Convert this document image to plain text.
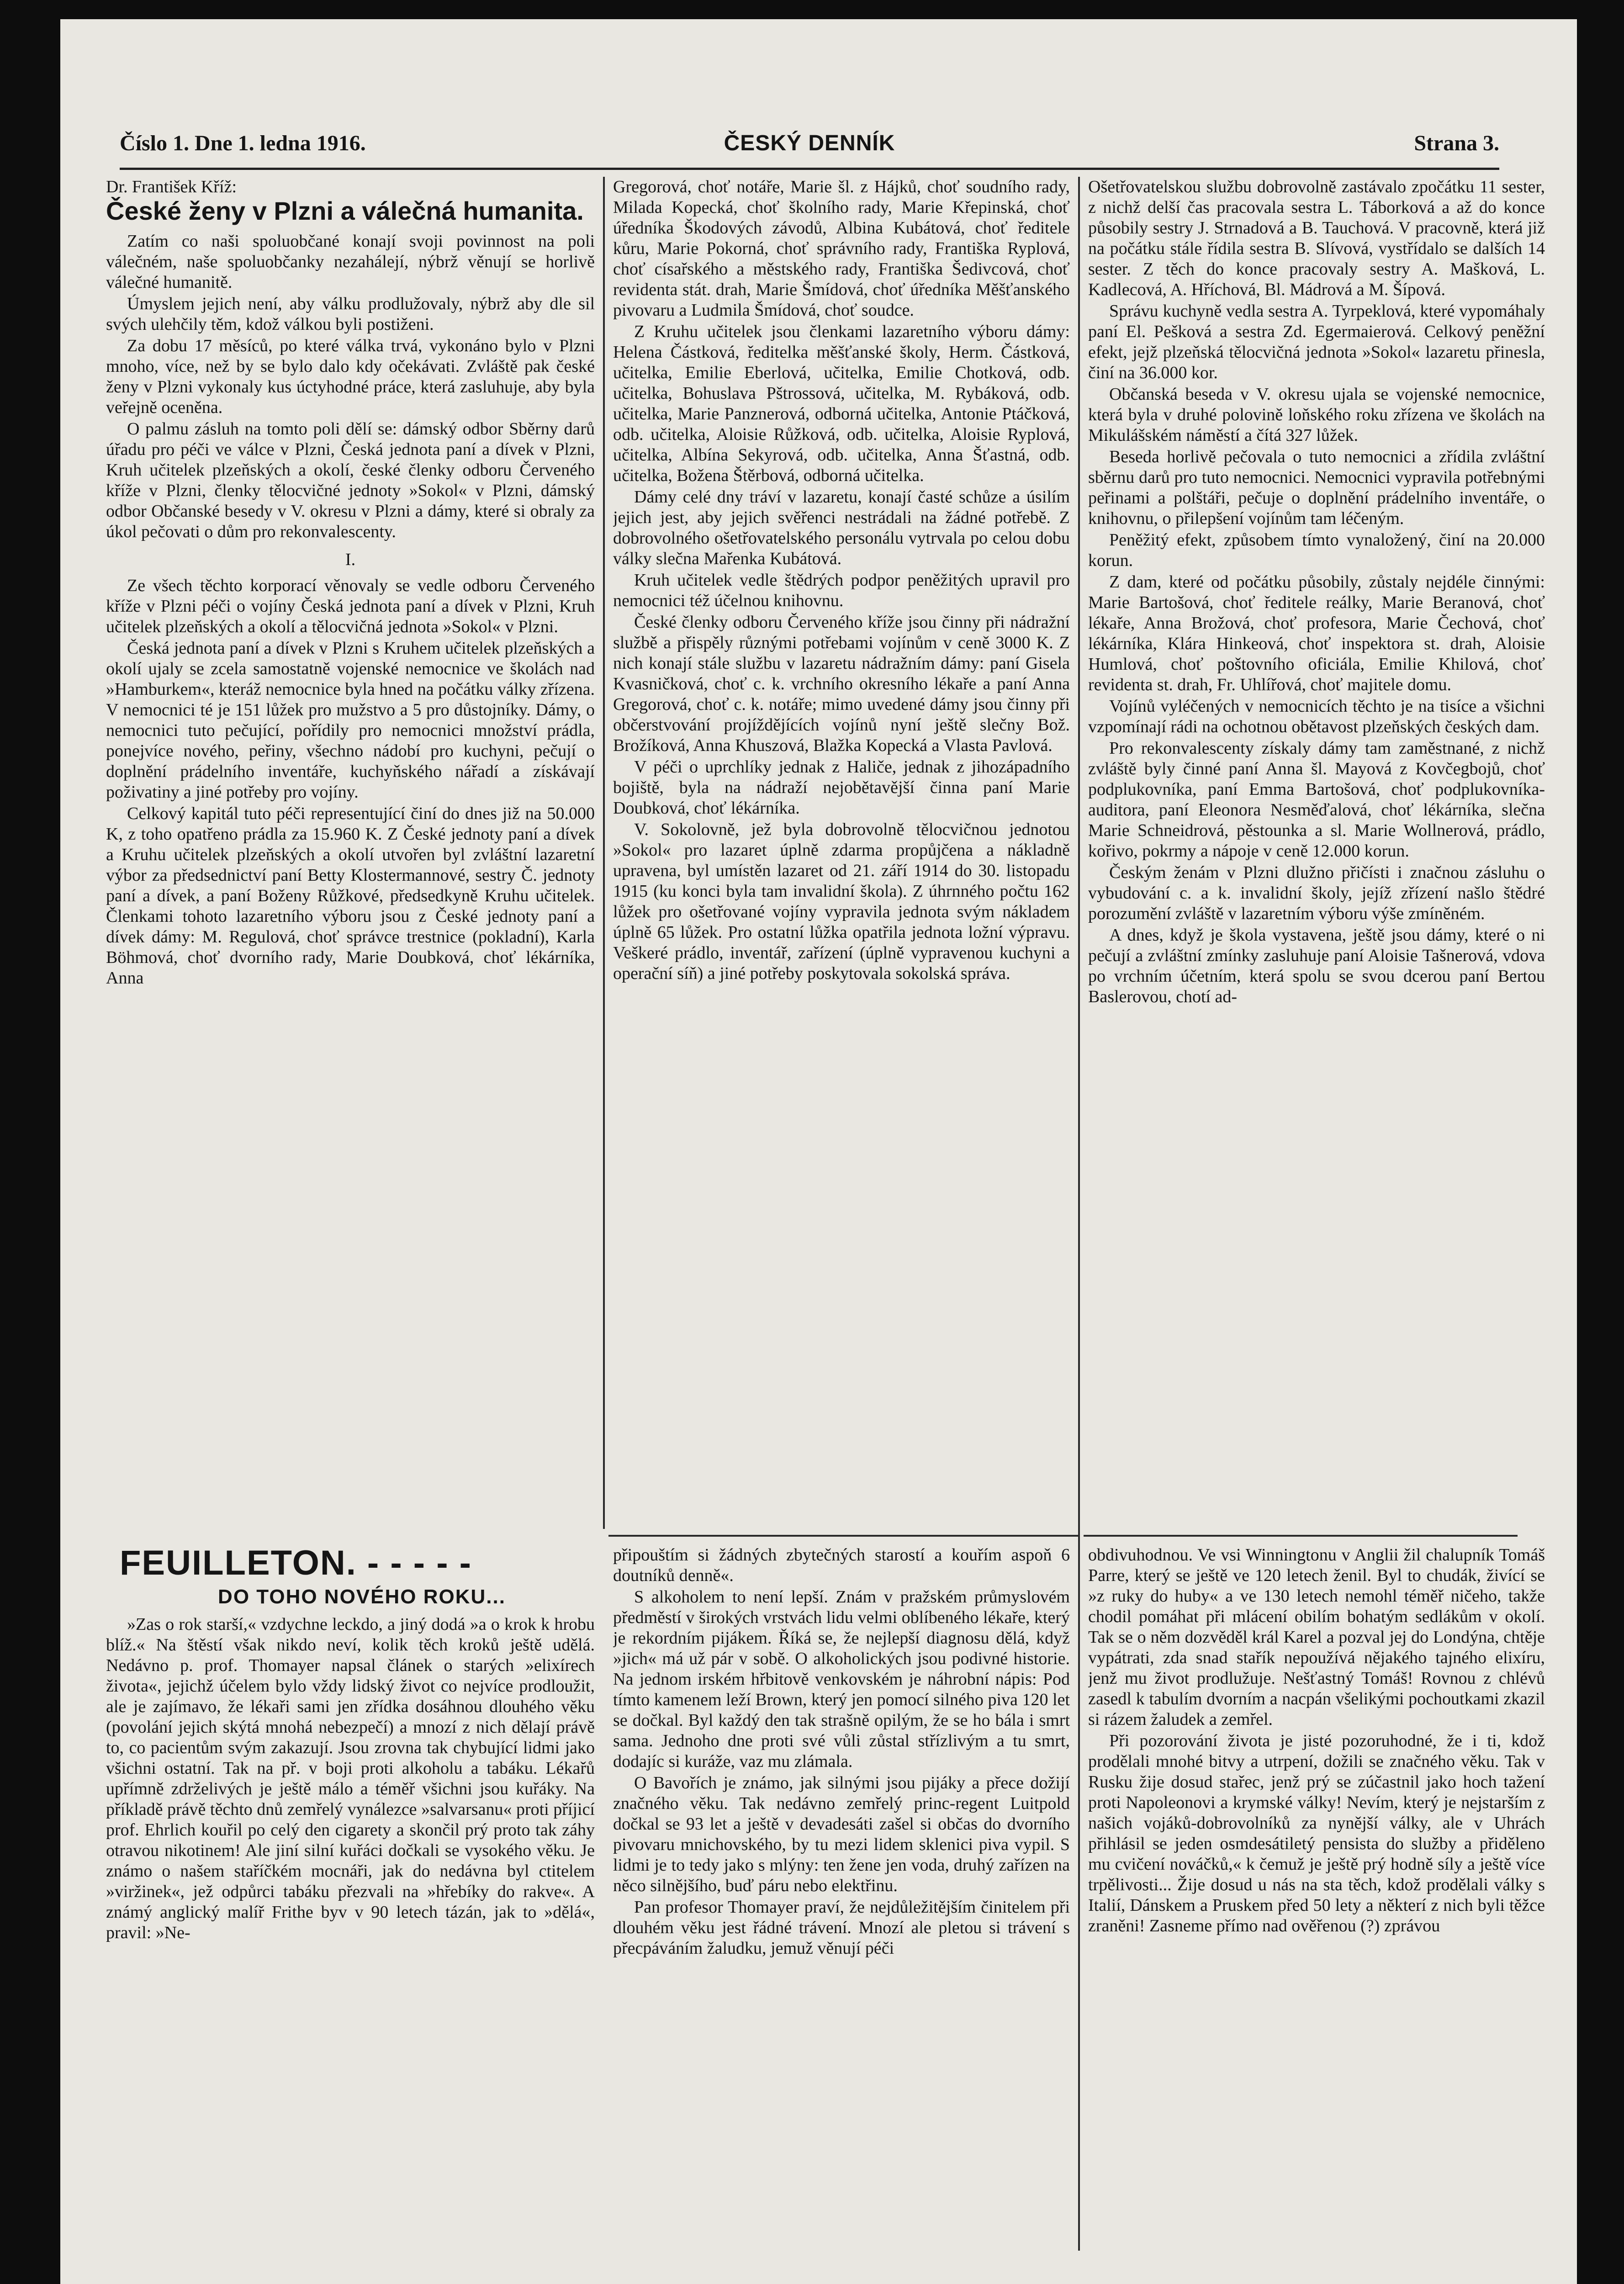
Číslo 1. Dne 1. ledna 1916.	ČESKÝ DENNÍK	Strana 3.

Dr. František Kříž:

České ženy v Plzni a válečná humanita.

Zatím co naši spoluobčané konají svoji povinnost na poli válečném, naše spoluobčanky nezahálejí, nýbrž věnují se horlivě válečné humanitě.

Úmyslem jejich není, aby válku prodlužovaly, nýbrž aby dle sil svých ulehčily těm, kdož válkou byli postiženi.

Za dobu 17 měsíců, po které válka trvá, vykonáno bylo v Plzni mnoho, více, než by se bylo dalo kdy očekávati. Zvláště pak české ženy v Plzni vykonaly kus úctyhodné práce, která zasluhuje, aby byla veřejně oceněna.

O palmu zásluh na tomto poli dělí se: dámský odbor Sběrny darů úřadu pro péči ve válce v Plzni, Česká jednota paní a dívek v Plzni, Kruh učitelek plzeňských a okolí, české členky odboru Červeného kříže v Plzni, členky tělocvičné jednoty »Sokol« v Plzni, dámský odbor Občanské besedy v V. okresu v Plzni a dámy, které si obraly za úkol pečovati o dům pro rekonvalescenty.

I.

Ze všech těchto korporací věnovaly se vedle odboru Červeného kříže v Plzni péči o vojíny Česká jednota paní a dívek v Plzni, Kruh učitelek plzeňských a okolí a tělocvičná jednota »Sokol« v Plzni.

Česká jednota paní a dívek v Plzni s Kruhem učitelek plzeňských a okolí ujaly se zcela samostatně vojenské nemocnice ve školách nad »Hamburkem«, kteráž nemocnice byla hned na počátku války zřízena. V nemocnici té je 151 lůžek pro mužstvo a 5 pro důstojníky. Dámy, o nemocnici tuto pečující, pořídily pro nemocnici množství prádla, ponejvíce nového, peřiny, všechno nádobí pro kuchyni, pečují o doplnění prádelního inventáře, kuchyňského nářadí a získávají poživatiny a jiné potřeby pro vojíny.

Celkový kapitál tuto péči representující činí do dnes již na 50.000 K, z toho opatřeno prádla za 15.960 K. Z České jednoty paní a dívek a Kruhu učitelek plzeňských a okolí utvořen byl zvláštní lazaretní výbor za předsednictví paní Betty Klostermannové, sestry Č. jednoty paní a dívek, a paní Boženy Růžkové, předsedkyně Kruhu učitelek. Členkami tohoto lazaretního výboru jsou z České jednoty paní a dívek dámy: M. Regulová, choť správce trestnice (pokladní), Karla Böhmová, choť dvorního rady, Marie Doubková, choť lékárníka, Anna

Gregorová, choť notáře, Marie šl. z Hájků, choť soudního rady, Milada Kopecká, choť školního rady, Marie Křepinská, choť úředníka Škodových závodů, Albina Kubátová, choť ředitele kůru, Marie Pokorná, choť správního rady, Františka Ryplová, choť císařského a městského rady, Františka Šedivcová, choť revidenta stát. drah, Marie Šmídová, choť úředníka Měšťanského pivovaru a Ludmila Šmídová, choť soudce.

Z Kruhu učitelek jsou členkami lazaretního výboru dámy: Helena Částková, ředitelka měšťanské školy, Herm. Částková, učitelka, Emilie Eberlová, učitelka, Emilie Chotková, odb. učitelka, Bohuslava Pštrossová, učitelka, M. Rybáková, odb. učitelka, Marie Panznerová, odborná učitelka, Antonie Ptáčková, odb. učitelka, Aloisie Růžková, odb. učitelka, Aloisie Ryplová, učitelka, Albína Sekyrová, odb. učitelka, Anna Šťastná, odb. učitelka, Božena Štěrbová, odborná učitelka.

Dámy celé dny tráví v lazaretu, konají časté schůze a úsilím jejich jest, aby jejich svěřenci nestrádali na žádné potřebě. Z dobrovolného ošetřovatelského personálu vytrvala po celou dobu války slečna Mařenka Kubátová.

Kruh učitelek vedle štědrých podpor peněžitých upravil pro nemocnici též účelnou knihovnu.

České členky odboru Červeného kříže jsou činny při nádražní službě a přispěly různými potřebami vojínům v ceně 3000 K. Z nich konají stále službu v lazaretu nádražním dámy: paní Gisela Kvasničková, choť c. k. vrchního okresního lékaře a paní Anna Gregorová, choť c. k. notáře; mimo uvedené dámy jsou činny při občerstvování projíždějících vojínů nyní ještě slečny Bož. Brožíková, Anna Khuszová, Blažka Kopecká a Vlasta Pavlová.

V péči o uprchlíky jednak z Haliče, jednak z jihozápadního bojiště, byla na nádraží nejobětavější činna paní Marie Doubková, choť lékárníka.

V. Sokolovně, jež byla dobrovolně tělocvičnou jednotou »Sokol« pro lazaret úplně zdarma propůjčena a nákladně upravena, byl umístěn lazaret od 21. září 1914 do 30. listopadu 1915 (ku konci byla tam invalidní škola). Z úhrnného počtu 162 lůžek pro ošetřované vojíny vypravila jednota svým nákladem úplně 65 lůžek. Pro ostatní lůžka opatřila jednota ložní výpravu. Veškeré prádlo, inventář, zařízení (úplně vypravenou kuchyni a operační síň) a jiné potřeby poskytovala sokolská správa.

Ošetřovatelskou službu dobrovolně zastávalo zpočátku 11 sester, z nichž delší čas pracovala sestra L. Táborková a až do konce působily sestry J. Strnadová a B. Tauchová. V pracovně, která již na počátku stále řídila sestra B. Slívová, vystřídalo se dalších 14 sester. Z těch do konce pracovaly sestry A. Mašková, L. Kadlecová, A. Hříchová, Bl. Mádrová a M. Šípová.

Správu kuchyně vedla sestra A. Tyrpeklová, které vypomáhaly paní El. Pešková a sestra Zd. Egermaierová. Celkový peněžní efekt, jejž plzeňská tělocvičná jednota »Sokol« lazaretu přinesla, činí na 36.000 kor.

Občanská beseda v V. okresu ujala se vojenské nemocnice, která byla v druhé polovině loňského roku zřízena ve školách na Mikulášském náměstí a čítá 327 lůžek.

Beseda horlivě pečovala o tuto nemocnici a zřídila zvláštní sběrnu darů pro tuto nemocnici. Nemocnici vypravila potřebnými peřinami a polštáři, pečuje o doplnění prádelního inventáře, o knihovnu, o přilepšení vojínům tam léčeným.

Peněžitý efekt, způsobem tímto vynaložený, činí na 20.000 korun.

Z dam, které od počátku působily, zůstaly nejdéle činnými: Marie Bartošová, choť ředitele reálky, Marie Beranová, choť lékaře, Anna Brožová, choť profesora, Marie Čechová, choť lékárníka, Klára Hinkeová, choť inspektora st. drah, Aloisie Humlová, choť poštovního oficiála, Emilie Khilová, choť revidenta st. drah, Fr. Uhlířová, choť majitele domu.

Vojínů vyléčených v nemocnicích těchto je na tisíce a všichni vzpomínají rádi na ochotnou obětavost plzeňských českých dam.

Pro rekonvalescenty získaly dámy tam zaměstnané, z nichž zvláště byly činné paní Anna šl. Mayová z Kovčegbojů, choť podplukovníka, paní Emma Bartošová, choť podplukovníka-auditora, paní Eleonora Nesměďalová, choť lékárníka, slečna Marie Schneidrová, pěstounka a sl. Marie Wollnerová, prádlo, kořivo, pokrmy a nápoje v ceně 12.000 korun.

Českým ženám v Plzni dlužno přičísti i značnou zásluhu o vybudování c. a k. invalidní školy, jejíž zřízení našlo štědré porozumění zvláště v lazaretním výboru výše zmíněném.

A dnes, když je škola vystavena, ještě jsou dámy, které o ni pečují a zvláštní zmínky zasluhuje paní Aloisie Tašnerová, vdova po vrchním účetním, která spolu se svou dcerou paní Bertou Baslerovou, chotí ad-

FEUILLETON. - - - - -
DO TOHO NOVÉHO ROKU...

»Zas o rok starší,« vzdychne leckdo, a jiný dodá »a o krok k hrobu blíž.« Na štěstí však nikdo neví, kolik těch kroků ještě udělá. Nedávno p. prof. Thomayer napsal článek o starých »elixírech života«, jejichž účelem bylo vždy lidský život co nejvíce prodloužit, ale je zajímavo, že lékaři sami jen zřídka dosáhnou dlouhého věku (povolání jejich skýtá mnohá nebezpečí) a mnozí z nich dělají právě to, co pacientům svým zakazují. Jsou zrovna tak chybující lidmi jako všichni ostatní. Tak na př. v boji proti alkoholu a tabáku. Lékařů upřímně zdrželivých je ještě málo a téměř všichni jsou kuřáky. Na příkladě právě těchto dnů zemřelý vynálezce »salvarsanu« proti příjicí prof. Ehrlich kouřil po celý den cigarety a skončil prý proto tak záhy otravou nikotinem! Ale jiní silní kuřáci dočkali se vysokého věku. Je známo o našem staříčkém mocnáři, jak do nedávna byl ctitelem »viržinek«, jež odpůrci tabáku přezvali na »hřebíky do rakve«. A známý anglický malíř Frithe byv v 90 letech tázán, jak to »dělá«, pravil: »Ne-

připouštím si žádných zbytečných starostí a kouřím aspoň 6 doutníků denně«.

S alkoholem to není lepší. Znám v pražském průmyslovém předměstí v širokých vrstvách lidu velmi oblíbeného lékaře, který je rekordním pijákem. Říká se, že nejlepší diagnosu dělá, když »jich« má už pár v sobě. O alkoholických jsou podivné historie. Na jednom irském hřbitově venkovském je náhrobní nápis: Pod tímto kamenem leží Brown, který jen pomocí silného piva 120 let se dočkal. Byl každý den tak strašně opilým, že se ho bála i smrt sama. Jednoho dne proti své vůli zůstal střízlivým a tu smrt, dodajíc si kuráže, vaz mu zlámala.

O Bavořích je známo, jak silnými jsou pijáky a přece dožijí značného věku. Tak nedávno zemřelý princ-regent Luitpold dočkal se 93 let a ještě v devadesáti zašel si občas do dvorního pivovaru mnichovského, by tu mezi lidem sklenici piva vypil. S lidmi je to tedy jako s mlýny: ten žene jen voda, druhý zařízen na něco silnějšího, buď páru nebo elektřinu.

Pan profesor Thomayer praví, že nejdůležitějším činitelem při dlouhém věku jest řádné trávení. Mnozí ale pletou si trávení s přecpáváním žaludku, jemuž věnují péči

obdivuhodnou. Ve vsi Winningtonu v Anglii žil chalupník Tomáš Parre, který se ještě ve 120 letech ženil. Byl to chudák, živící se »z ruky do huby« a ve 130 letech nemohl téměř ničeho, takže chodil pomáhat při mlácení obilím bohatým sedlákům v okolí. Tak se o něm dozvěděl král Karel a pozval jej do Londýna, chtěje vypátrati, zda snad stařík nepoužívá nějakého tajného elixíru, jenž mu život prodlužuje. Nešťastný Tomáš! Rovnou z chlévů zasedl k tabulím dvorním a nacpán všelikými pochoutkami zkazil si rázem žaludek a zemřel.

Při pozorování života je jisté pozoruhodné, že i ti, kdož prodělali mnohé bitvy a utrpení, dožili se značného věku. Tak v Rusku žije dosud stařec, jenž prý se zúčastnil jako hoch tažení proti Napoleonovi a krymské války! Nevím, který je nejstarším z našich vojáků-dobrovolníků za nynější války, ale v Uhrách přihlásil se jeden osmdesátiletý pensista do služby a přiděleno mu cvičení nováčků,« k čemuž je ještě prý hodně síly a ještě více trpělivosti... Žije dosud u nás na sta těch, kdož prodělali války s Italií, Dánskem a Pruskem před 50 lety a některí z nich byli těžce zraněni! Zasneme přímo nad ověřenou (?) zprávou
